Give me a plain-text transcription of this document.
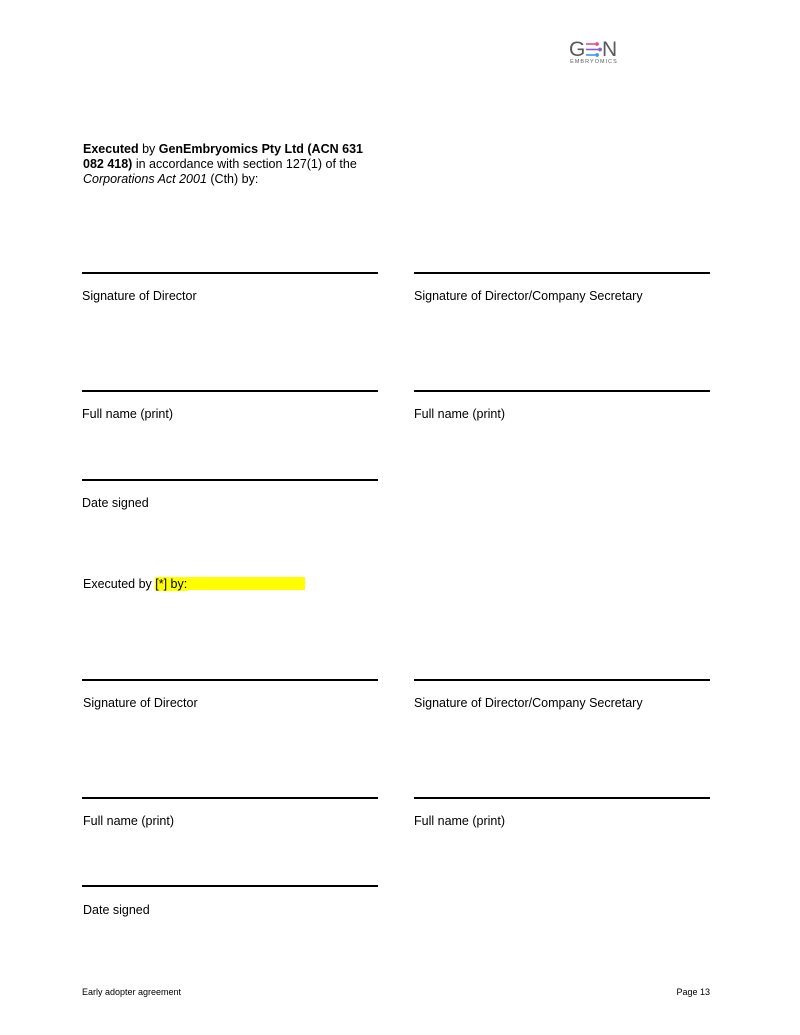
G N
EMBRYOMICS
Executed by GenEmbryomics Pty Ltd (ACN 631 082 418) in accordance with section 127(1) of the Corporations Act 2001 (Cth) by:
Signature of Director	Signature of Director/Company Secretary
Full name (print)	Full name (print)
Date signed
Executed by [*] by:
Signature of Director	Signature of Director/Company Secretary
Full name (print)	Full name (print)
Date signed
Early adopter agreement	Page 13
